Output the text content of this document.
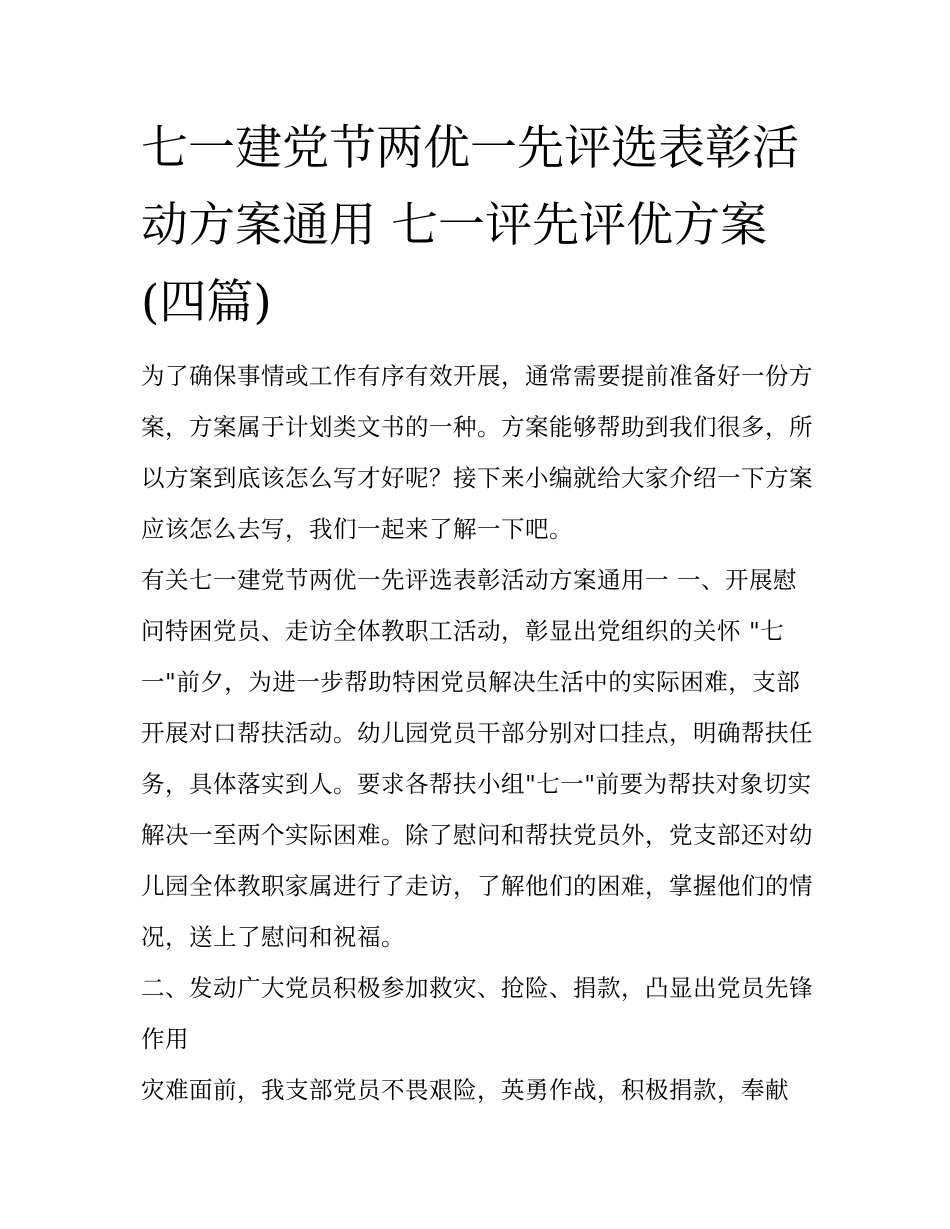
七一建党节两优一先评选表彰活动方案通用 七一评先评优方案(四篇)

为了确保事情或工作有序有效开展，通常需要提前准备好一份方案，方案属于计划类文书的一种。方案能够帮助到我们很多，所以方案到底该怎么写才好呢？接下来小编就给大家介绍一下方案应该怎么去写，我们一起来了解一下吧。

有关七一建党节两优一先评选表彰活动方案通用一 一、开展慰问特困党员、走访全体教职工活动，彰显出党组织的关怀 "七一"前夕，为进一步帮助特困党员解决生活中的实际困难，支部开展对口帮扶活动。幼儿园党员干部分别对口挂点，明确帮扶任务，具体落实到人。要求各帮扶小组"七一"前要为帮扶对象切实解决一至两个实际困难。除了慰问和帮扶党员外，党支部还对幼儿园全体教职家属进行了走访，了解他们的困难，掌握他们的情况，送上了慰问和祝福。

二、发动广大党员积极参加救灾、抢险、捐款，凸显出党员先锋作用

灾难面前，我支部党员不畏艰险，英勇作战，积极捐款，奉献
